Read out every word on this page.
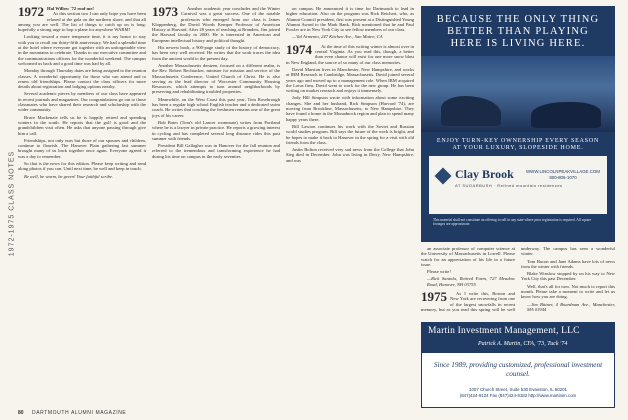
1972-1975 CLASS NOTES
1972 Hal Willow '72 roof me!

As this section two I can only hope you have been relaxed at the gala on the northern shore, and that all among you are well. The list of things to catch up on is long: hopefully a strong urge to hop a plane for anywhere WARM!

Looking toward a more temperate time, it is my honor to stay with you to recall our thirty-fifth anniversary. We had a splendid time at the hotel where everyone got together with an unforgettable view in the mountains to celebrate. Thanks to our executive committee and the communications officers for the wonderful weekend. The campus welcomed us back and a good time was had by all.

Monday through Thursday dates are being assigned to the reunion classes. A wonderful opportunity for those who can attend and to renew old friendships. Please contact the class officers for more details about registration and lodging options nearby.

Several academic pieces by members of our class have appeared in recent journals and magazines. Our congratulations go out to those classmates who have shared their research and scholarship with the wider community.

Bruce Mackenzie tells us he is happily retired and spending winters in the south. He reports that the golf is good and the grandchildren visit often. He asks that anyone passing through give him a call.

Friendships, not only ours but those of our spouses and children, continue to flourish. The Hanover Plain gathering last summer brought many of us back together once again. Everyone agreed it was a day to remember.

So that is the news for this edition. Please keep writing and send along photos if you can. Until next time, be well and keep in touch.

Be well, be warm, be green! Your faithful scribe.
1973	Another academic year concludes and the Winter Carnival was a great success. One of the notable professors who emerged from our class is James Kloppenberg, the David Woods Kemper Professor of American History at Harvard. After 28 years of teaching at Brandeis, Jim joined the Harvard faculty in 2000. He is interested in American and European intellectual history and political thought.

His newest book, a 900-page study of the history of democracy, has been very well received. He writes that the work traces the idea from the ancient world to the present day.

Another Massachusetts denizen, focused on a different realm, is the Rev. Robert Rechtacker, minister for mission and service of the Massachusetts Conference, United Church of Christ. He is also serving as the lead director of Worcester Community Housing Resources, which attempts to turn around neighborhoods by preserving and rehabilitating troubled properties.

Meanwhile, on the West Coast this past year, Tom Rosebrough has been a regular high school English teacher and a dedicated swim coach. He writes that coaching the freshmen remains one of the great joys of his career.

Bob Bates (Tom's old Lancer roommate) writes from Portland where he is a lawyer in private practice. He reports a growing interest in cycling and has completed several long distance rides this past summer with friends.

President Bill Gallagher was in Hanover for the fall reunion and referred to the tremendous and transforming experience he had during his time on campus in the early seventies.

on campus. He announced it is time for Dartmouth to lead in higher education. Also on the program was Rick Reichert, who, as Alumni Council president, first was present at a Distinguished Young Alumni Award to the Mark Bank. Rick mentioned that he and Paul Fowler are in New York City to see fellow members of our class.

—Val Armento, 247 Kitchen Ave., San Mateo, CA
1974	At the time of this writing winter is almost over in central Virginia. As you read this, though, a better than even chance will exist for one more snow blast in New England, the source of so many of our class memories.

David Marston lives in Manchester, New Hampshire, and works at IBM Research in Cambridge, Massachusetts. David joined several years ago and moved up to a management role. When IBM acquired the Lotus firm, David went to work for the new group. He has been writing on market research and enjoys it immensely.

Jody Hill Simpson wrote with information about some exciting changes. She and her husband, Rick Simpson (Harvard '74), are moving from Brookline, Massachusetts, to New Hampshire. They have found a home in the Monadnock region and plan to spend many happy years there.

Bill Lawton continues his work with the Soviet and Russian world studies program. Bill says the future of the work is bright, and he hopes to make it back to Hanover in the spring for a visit with old friends from the class.

Justin Bolton received very sad news from the College that John Sieg died in December. John was living in Derry, New Hampshire, and was

an associate professor of computer science at the University of Massachusetts in Lowell. Please watch for an appreciation of his life in a future issue.

Please write!

—Rick Santola, Retired Farm, 727 Meadow Road, Hanover, NH 03755
1975	As I write this, Boston and New York are recovering from one of the largest snowfalls in recent memory, but as you read this spring will be well underway. The campus has seen a wonderful winter.

Tom Bacon and Jane Adams have lots of news from the winter with friends.

Blake Winslow stopped by on his way to New York City this past December.

Well, that's all for now. Not much to report this month. Please take a moment to write and let us know how you are doing.

—Jim Bittner, 4 Boardman Ave., Manchester, MA 01944
BECAUSE THE ONLY THING BETTER THAN PLAYING HERE IS LIVING HERE.
ENJOY TURN-KEY OWNERSHIP EVERY SEASON AT YOUR LUXURY, SLOPESIDE HOME.
Clay Brook
AT SUGARBUSH · Refined mountain residences
WWW.LINCOLNPEAKVILLAGE.COM
800-806-1070
This material shall not constitute an offering to sell in any state where prior registration is required. All square footages are approximate.
Martin Investment Management, LLC
Patrick A. Martin, CFA, '73, Tuck '74
Since 1989, providing customized, professional investment counsel.
1007 Church Street, Suite 530 Evanston, IL 60201
(847)424-9124 Fax (847)424-9182 http://www.martinim.com
80 DARTMOUTH ALUMNI MAGAZINE
